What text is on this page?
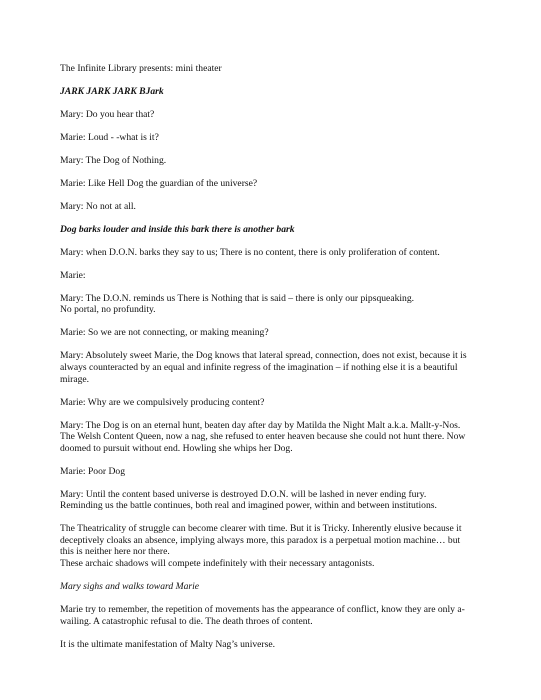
The Infinite Library presents: mini theater

JARK JARK JARK BJark

Mary: Do you hear that?

Marie: Loud - -what is it?

Mary: The Dog of Nothing.

Marie: Like Hell Dog the guardian of the universe?

Mary: No not at all.

Dog barks louder and inside this bark there is another bark

Mary: when D.O.N. barks they say to us; There is no content, there is only proliferation of content.

Marie:

Mary: The D.O.N. reminds us There is Nothing that is said – there is only our pipsqueaking.
No portal, no profundity.

Marie: So we are not connecting, or making meaning?

Mary: Absolutely sweet Marie, the Dog knows that lateral spread, connection, does not exist, because it is
always counteracted by an equal and infinite regress of the imagination – if nothing else it is a beautiful
mirage.

Marie: Why are we compulsively producing content?

Mary: The Dog is on an eternal hunt, beaten day after day by Matilda the Night Malt a.k.a. Mallt-y-Nos.
The Welsh Content Queen, now a nag, she refused to enter heaven because she could not hunt there. Now
doomed to pursuit without end. Howling she whips her Dog.

Marie: Poor Dog

Mary: Until the content based universe is destroyed D.O.N. will be lashed in never ending fury.
Reminding us the battle continues, both real and imagined power, within and between institutions.

The Theatricality of struggle can become clearer with time. But it is Tricky. Inherently elusive because it
deceptively cloaks an absence, implying always more, this paradox is a perpetual motion machine… but
this is neither here nor there.
These archaic shadows will compete indefinitely with their necessary antagonists.

Mary sighs and walks toward Marie

Marie try to remember, the repetition of movements has the appearance of conflict, know they are only a-
wailing. A catastrophic refusal to die. The death throes of content.

It is the ultimate manifestation of Malty Nag’s universe.
